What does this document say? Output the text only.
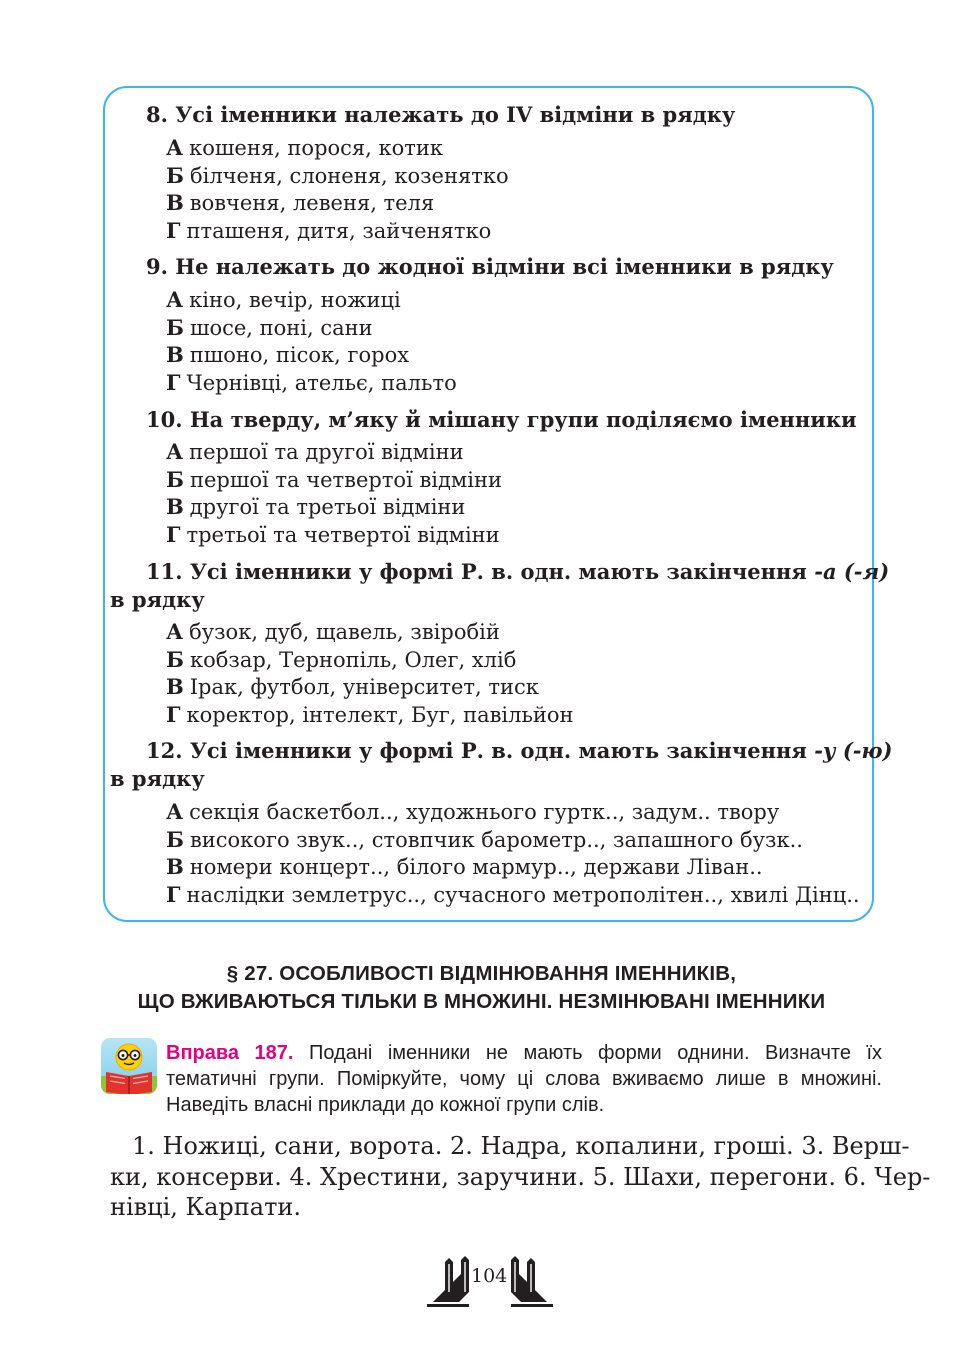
8. Усі іменники належать до IV відміни в рядку
А кошеня, порося, котик
Б білченя, слоненя, козенятко
В вовченя, левеня, теля
Г пташеня, дитя, зайченятко
9. Не належать до жодної відміни всі іменники в рядку
А кіно, вечір, ножиці
Б шосе, поні, сани
В пшоно, пісок, горох
Г Чернівці, ательє, пальто
10. На тверду, м’яку й мішану групи поділяємо іменники
А першої та другої відміни
Б першої та четвертої відміни
В другої та третьої відміни
Г третьої та четвертої відміни
11. Усі іменники у формі Р. в. одн. мають закінчення -а (-я)
в рядку
А бузок, дуб, щавель, звіробій
Б кобзар, Тернопіль, Олег, хліб
В Ірак, футбол, університет, тиск
Г коректор, інтелект, Буг, павільйон
12. Усі іменники у формі Р. в. одн. мають закінчення -у (-ю)
в рядку
А секція баскетбол.., художнього гуртк.., задум.. твору
Б високого звук.., стовпчик барометр.., запашного бузк..
В номери концерт.., білого мармур.., держави Ліван..
Г наслідки землетрус.., сучасного метрополітен.., хвилі Дінц..
§ 27. ОСОБЛИВОСТІ ВІДМІНЮВАННЯ ІМЕННИКІВ,
ЩО ВЖИВАЮТЬСЯ ТІЛЬКИ В МНОЖИНІ. НЕЗМІНЮВАНІ ІМЕННИКИ
Вправа 187. Подані іменники не мають форми однини. Визначте їх
тематичні групи. Поміркуйте, чому ці слова вживаємо лише в множині.
Наведіть власні приклади до кожної групи слів.
1. Ножиці, сани, ворота. 2. Надра, копалини, гроші. 3. Верш-
ки, консерви. 4. Хрестини, заручини. 5. Шахи, перегони. 6. Чер-
нівці, Карпати.
104
